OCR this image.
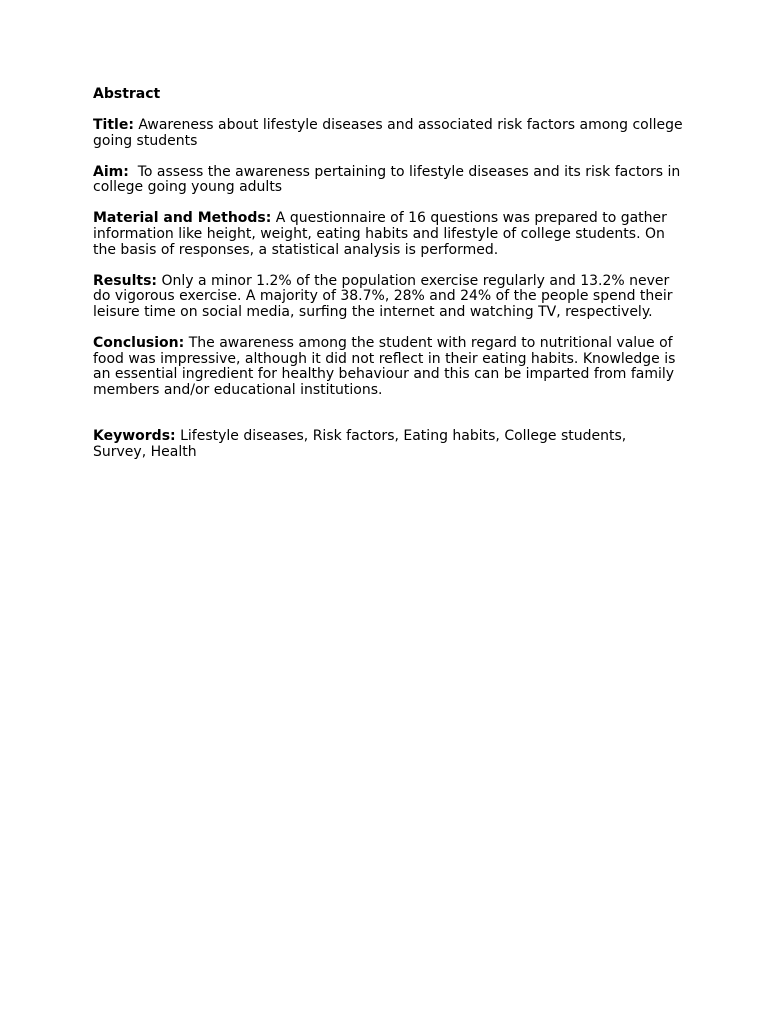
Abstract
Title: Awareness about lifestyle diseases and associated risk factors among college going students
Aim:  To assess the awareness pertaining to lifestyle diseases and its risk factors in college going young adults
Material and Methods: A questionnaire of 16 questions was prepared to gather information like height, weight, eating habits and lifestyle of college students. On the basis of responses, a statistical analysis is performed.
Results: Only a minor 1.2% of the population exercise regularly and 13.2% never do vigorous exercise. A majority of 38.7%, 28% and 24% of the people spend their leisure time on social media, surfing the internet and watching TV, respectively.
Conclusion: The awareness among the student with regard to nutritional value of food was impressive, although it did not reflect in their eating habits. Knowledge is an essential ingredient for healthy behaviour and this can be imparted from family members and/or educational institutions.
Keywords: Lifestyle diseases, Risk factors, Eating habits, College students, Survey, Health
